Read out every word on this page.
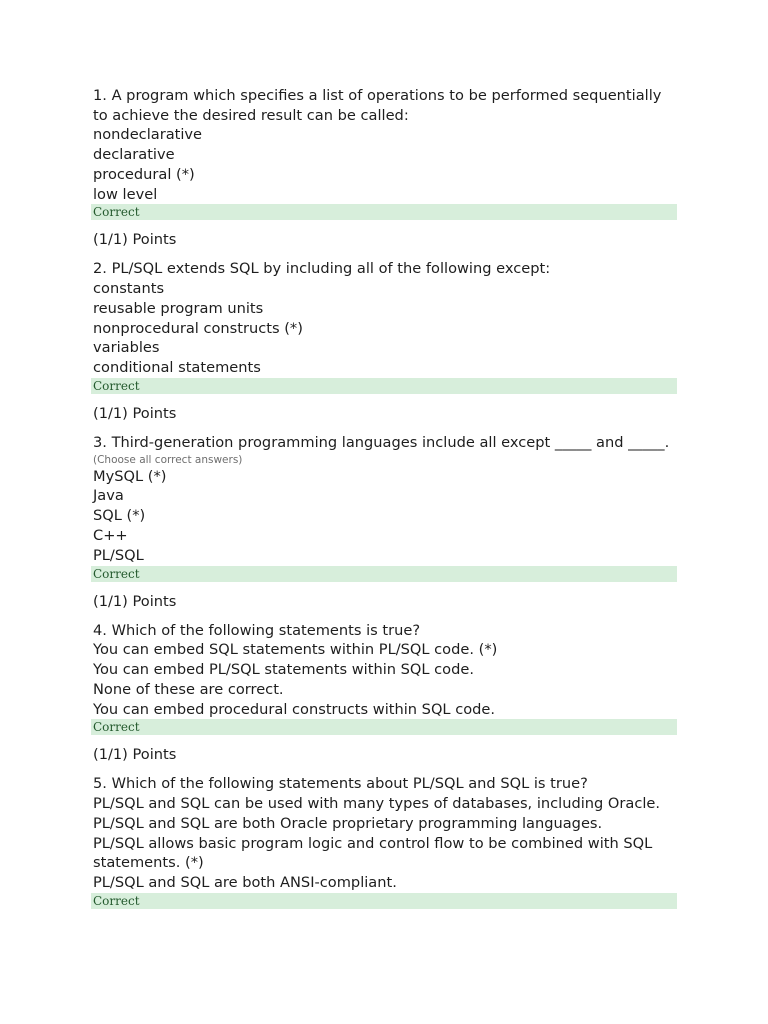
1. A program which specifies a list of operations to be performed sequentially to achieve the desired result can be called:
nondeclarative
declarative
procedural (*)
low level
Correct
(1/1) Points
2. PL/SQL extends SQL by including all of the following except:
constants
reusable program units
nonprocedural constructs (*)
variables
conditional statements
Correct
(1/1) Points
3. Third-generation programming languages include all except _____ and _____.
(Choose all correct answers)
MySQL (*)
Java
SQL (*)
C++
PL/SQL
Correct
(1/1) Points
4. Which of the following statements is true?
You can embed SQL statements within PL/SQL code. (*)
You can embed PL/SQL statements within SQL code.
None of these are correct.
You can embed procedural constructs within SQL code.
Correct
(1/1) Points
5. Which of the following statements about PL/SQL and SQL is true?
PL/SQL and SQL can be used with many types of databases, including Oracle.
PL/SQL and SQL are both Oracle proprietary programming languages.
PL/SQL allows basic program logic and control flow to be combined with SQL statements. (*)
PL/SQL and SQL are both ANSI-compliant.
Correct
